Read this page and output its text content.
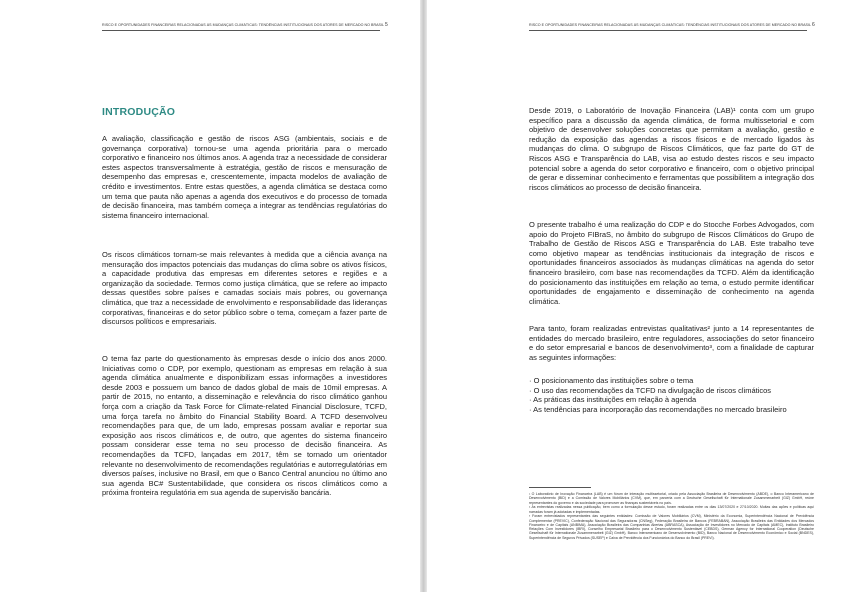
RISCO E OPORTUNIDADES FINANCEIRAS RELACIONADAS ÀS MUDANÇAS CLIMÁTICAS: TENDÊNCIAS INSTITUCIONAIS DOS ATORES DE MERCADO NO BRASIL 5
INTRODUÇÃO

A avaliação, classificação e gestão de riscos ASG (ambientais, sociais e de governança corporativa) tornou-se uma agenda prioritária para o mercado corporativo e financeiro nos últimos anos. A agenda traz a necessidade de considerar estes aspectos transversalmente à estratégia, gestão de riscos e mensuração de desempenho das empresas e, crescentemente, impacta modelos de avaliação de crédito e investimentos. Entre estas questões, a agenda climática se destaca como um tema que pauta não apenas a agenda dos executivos e do processo de tomada de decisão financeira, mas também começa a integrar as tendências regulatórias do sistema financeiro internacional.

Os riscos climáticos tornam-se mais relevantes à medida que a ciência avança na mensuração dos impactos potenciais das mudanças do clima sobre os ativos físicos, a capacidade produtiva das empresas em diferentes setores e regiões e a organização da sociedade. Termos como justiça climática, que se refere ao impacto dessas questões sobre países e camadas sociais mais pobres, ou governança climática, que traz a necessidade de envolvimento e responsabilidade das lideranças corporativas, financeiras e do setor público sobre o tema, começam a fazer parte de discursos políticos e empresariais.

O tema faz parte do questionamento às empresas desde o início dos anos 2000. Iniciativas como o CDP, por exemplo, questionam as empresas em relação à sua agenda climática anualmente e disponibilizam essas informações a investidores desde 2003 e possuem um banco de dados global de mais de 10mil empresas. A partir de 2015, no entanto, a disseminação e relevância do risco climático ganhou força com a criação da Task Force for Climate-related Financial Disclosure, TCFD, uma força tarefa no âmbito do Financial Stability Board. A TCFD desenvolveu recomendações para que, de um lado, empresas possam avaliar e reportar sua exposição aos riscos climáticos e, de outro, que agentes do sistema financeiro possam considerar esse tema no seu processo de decisão financeira. As recomendações da TCFD, lançadas em 2017, têm se tornado um orientador relevante no desenvolvimento de recomendações regulatórias e autorregulatórias em diversos países, inclusive no Brasil, em que o Banco Central anunciou no último ano sua agenda BC# Sustentabilidade, que considera os riscos climáticos como a próxima fronteira regulatória em sua agenda de supervisão bancária.

RISCO E OPORTUNIDADES FINANCEIRAS RELACIONADAS ÀS MUDANÇAS CLIMÁTICAS: TENDÊNCIAS INSTITUCIONAIS DOS ATORES DE MERCADO NO BRASIL 6

Desde 2019, o Laboratório de Inovação Financeira (LAB)¹ conta com um grupo específico para a discussão da agenda climática, de forma multissetorial e com objetivo de desenvolver soluções concretas que permitam a avaliação, gestão e redução da exposição das agendas a riscos físicos e de mercado ligados às mudanças do clima. O subgrupo de Riscos Climáticos, que faz parte do GT de Riscos ASG e Transparência do LAB, visa ao estudo destes riscos e seu impacto potencial sobre a agenda do setor corporativo e financeiro, com o objetivo principal de gerar e disseminar conhecimento e ferramentas que possibilitem a integração dos riscos climáticos ao processo de decisão financeira.

O presente trabalho é uma realização do CDP e do Stocche Forbes Advogados, com apoio do Projeto FIBraS, no âmbito do subgrupo de Riscos Climáticos do Grupo de Trabalho de Gestão de Riscos ASG e Transparência do LAB. Este trabalho teve como objetivo mapear as tendências institucionais da integração de riscos e oportunidades financeiros associados às mudanças climáticas na agenda do setor financeiro brasileiro, com base nas recomendações da TCFD. Além da identificação do posicionamento das instituições em relação ao tema, o estudo permite identificar oportunidades de engajamento e disseminação de conhecimento na agenda climática.

Para tanto, foram realizadas entrevistas qualitativas² junto a 14 representantes de entidades do mercado brasileiro, entre reguladores, associações do setor financeiro e do setor empresarial e bancos de desenvolvimento³, com a finalidade de capturar as seguintes informações:

· O posicionamento das instituições sobre o tema
· O uso das recomendações da TCFD na divulgação de riscos climáticos
· As práticas das instituições em relação à agenda
· As tendências para incorporação das recomendações no mercado brasileiro

¹ O Laboratório de Inovação Financeira (LAB) é um fórum de interação multissetorial, criado pela Associação Brasileira de Desenvolvimento (ABDE), o Banco Interamericano de Desenvolvimento (BID) e a Comissão de Valores Mobiliários (CVM), que, em parceria com a Deutsche Gesellschaft für Internationale Zusammenarbeit (GIZ) GmbH, reúne representantes do governo e da sociedade para promover as finanças sustentáveis no país.

² As entrevistas realizadas nessa publicação, bem como a formulação desse estudo, foram realizadas entre os dias 13/07/2020 e 27/10/2020. Muitas das ações e políticas aqui narradas foram já adotadas e implementadas.

³ Foram entrevistados representantes das seguintes entidades: Comissão de Valores Mobiliários (CVM), Ministério da Economia, Superintendência Nacional de Previdência Complementar (PREVIC), Confederação Nacional das Seguradoras (CNSeg), Federação Brasileira de Bancos (FEBRABAN), Associação Brasileira das Entidades dos Mercados Financeiro e de Capitais (ANBIMA), Associação Brasileira das Companhias Abertas (ABRASCA), Associação de Investidores no Mercado de Capitais (AMEC), Instituto Brasileiro Relações Com Investidores (IBRI), Conselho Empresarial Brasileiro para o Desenvolvimento Sustentável (CEBDS), German Agency for International Cooperation (Deutsche Gesellschaft für Internationale Zusammenarbeit (GIZ) GmbH), Banco Interamericano de Desenvolvimento (BID), Banco Nacional de Desenvolvimento Econômico e Social (BNDES), Superintendência de Seguros Privados (SUSEP) e Caixa de Previdência dos Funcionários do Banco do Brasil (PREVI).
